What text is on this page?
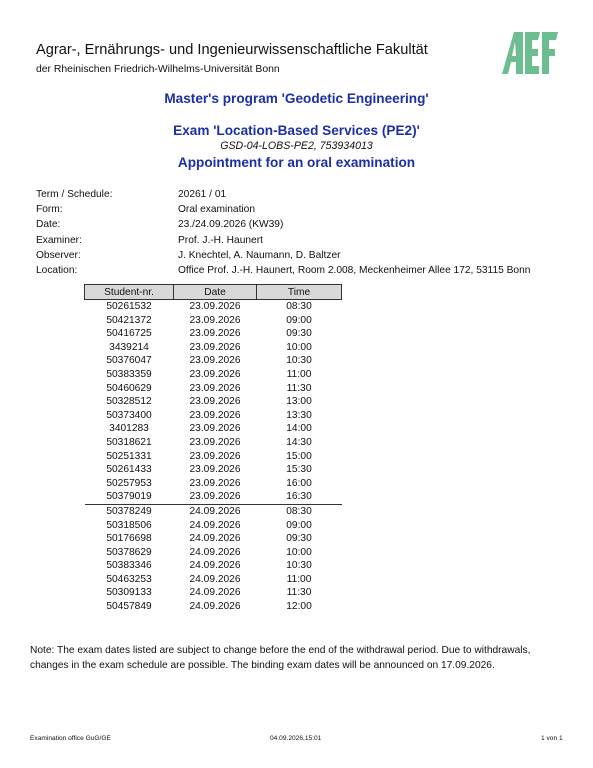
Agrar-, Ernährungs- und Ingenieurwissenschaftliche Fakultät
der Rheinischen Friedrich-Wilhelms-Universität Bonn
Master's program 'Geodetic Engineering'
Exam 'Location-Based Services (PE2)'
GSD-04-LOBS-PE2, 753934013
Appointment for an oral examination
Term / Schedule:	20261 / 01
Form:	Oral examination
Date:	23./24.09.2026 (KW39)
Examiner:	Prof. J.-H. Haunert
Observer:	J. Knechtel, A. Naumann, D. Baltzer
Location:	Office Prof. J.-H. Haunert, Room 2.008, Meckenheimer Allee 172, 53115 Bonn
Student-nr.	Date	Time
50261532	23.09.2026	08:30
50421372	23.09.2026	09:00
50416725	23.09.2026	09:30
3439214	23.09.2026	10:00
50376047	23.09.2026	10:30
50383359	23.09.2026	11:00
50460629	23.09.2026	11:30
50328512	23.09.2026	13:00
50373400	23.09.2026	13:30
3401283	23.09.2026	14:00
50318621	23.09.2026	14:30
50251331	23.09.2026	15:00
50261433	23.09.2026	15:30
50257953	23.09.2026	16:00
50379019	23.09.2026	16:30
50378249	24.09.2026	08:30
50318506	24.09.2026	09:00
50176698	24.09.2026	09:30
50378629	24.09.2026	10:00
50383346	24.09.2026	10:30
50463253	24.09.2026	11:00
50309133	24.09.2026	11:30
50457849	24.09.2026	12:00
Note: The exam dates listed are subject to change before the end of the withdrawal period. Due to withdrawals, changes in the exam schedule are possible. The binding exam dates will be announced on 17.09.2026.
Examination office GuG/GE	04.09.2026,15:01	1 von 1
